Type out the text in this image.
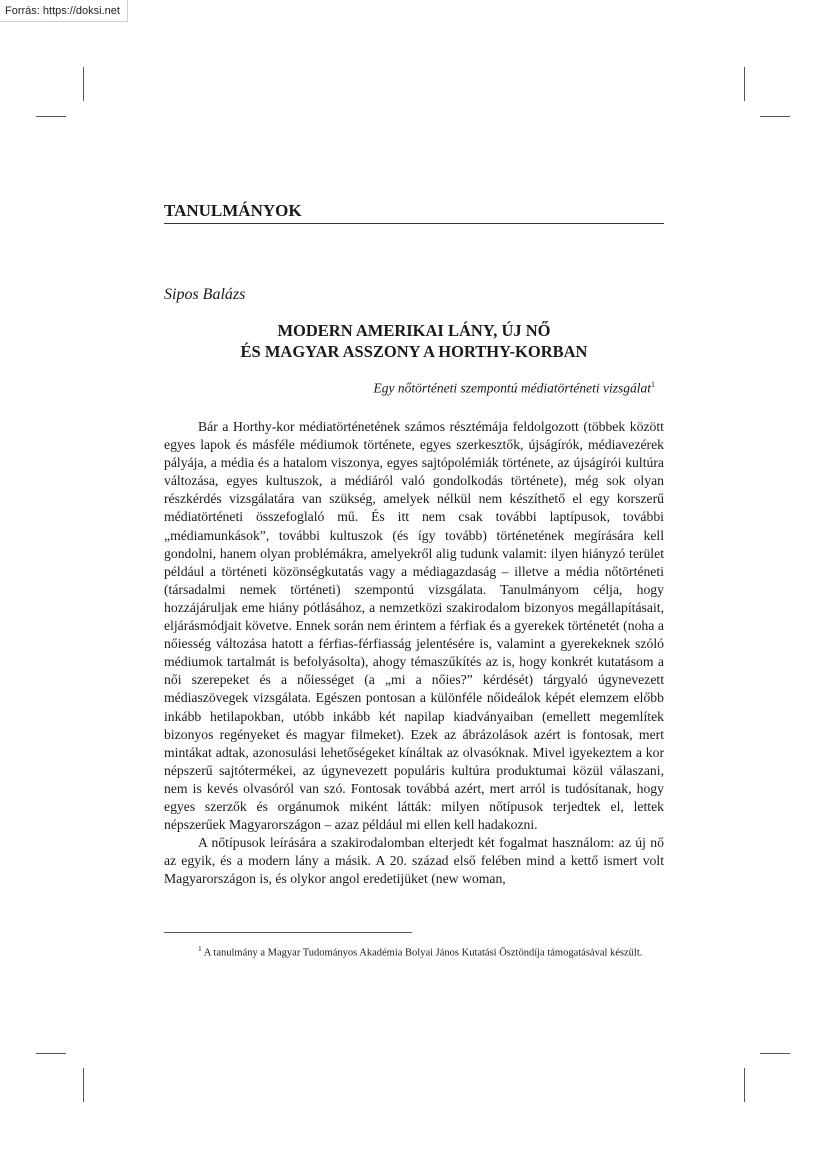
Forrás: https://doksi.net
TANULMÁNYOK
Sipos Balázs
MODERN AMERIKAI LÁNY, ÚJ NŐ
ÉS MAGYAR ASSZONY A HORTHY-KORBAN
Egy nőtörténeti szempontú médiatörténeti vizsgálat$^1$

Bár a Horthy-kor médiatörténetének számos résztémája feldolgozott (többek között egyes lapok és másféle médiumok története, egyes szerkesztők, újságírók, médiavezérek pályája, a média és a hatalom viszonya, egyes sajtópolémiák története, az újságírói kultúra változása, egyes kultuszok, a médiáról való gondolkodás története), még sok olyan részkérdés vizsgálatára van szükség, amelyek nélkül nem készíthető el egy korszerű médiatörténeti összefoglaló mű. És itt nem csak további laptípusok, további „médiamunkások”, további kultuszok (és így tovább) történetének megírására kell gondolni, hanem olyan problémákra, amelyekről alig tudunk valamit: ilyen hiányzó terület például a történeti közönségkutatás vagy a médiagazdaság – illetve a média nőtörténeti (társadalmi nemek történeti) szempontú vizsgálata. Tanulmányom célja, hogy hozzájáruljak eme hiány pótlásához, a nemzetközi szakirodalom bizonyos megállapításait, eljárásmódjait követve. Ennek során nem érintem a férfiak és a gyerekek történetét (noha a nőiesség változása hatott a férfias-férfiasság jelentésére is, valamint a gyerekeknek szóló médiumok tartalmát is befolyásolta), ahogy témaszűkítés az is, hogy konkrét kutatásom a női szerepeket és a nőiességet (a „mi a nőies?” kérdését) tárgyaló úgynevezett médiaszövegek vizsgálata. Egészen pontosan a különféle nőideálok képét elemzem előbb inkább hetilapokban, utóbb inkább két napilap kiadványaiban (emellett megemlítek bizonyos regényeket és magyar filmeket). Ezek az ábrázolások azért is fontosak, mert mintákat adtak, azonosulási lehetőségeket kínáltak az olvasóknak. Mivel igyekeztem a kor népszerű sajtótermékei, az úgynevezett populáris kultúra produktumai közül válaszani, nem is kevés olvasóról van szó. Fontosak továbbá azért, mert arról is tudósítanak, hogy egyes szerzők és orgánumok miként látták: milyen nőtípusok terjedtek el, lettek népszerűek Magyarországon – azaz például mi ellen kell hadakozni.

A nőtípusok leírására a szakirodalomban elterjedt két fogalmat használom: az új nő az egyik, és a modern lány a másik. A 20. század első felében mind a kettő ismert volt Magyarországon is, és olykor angol eredetijüket (new woman,

$^1$ A tanulmány a Magyar Tudományos Akadémia Bolyai János Kutatási Ösztöndíja támogatásával készült.
